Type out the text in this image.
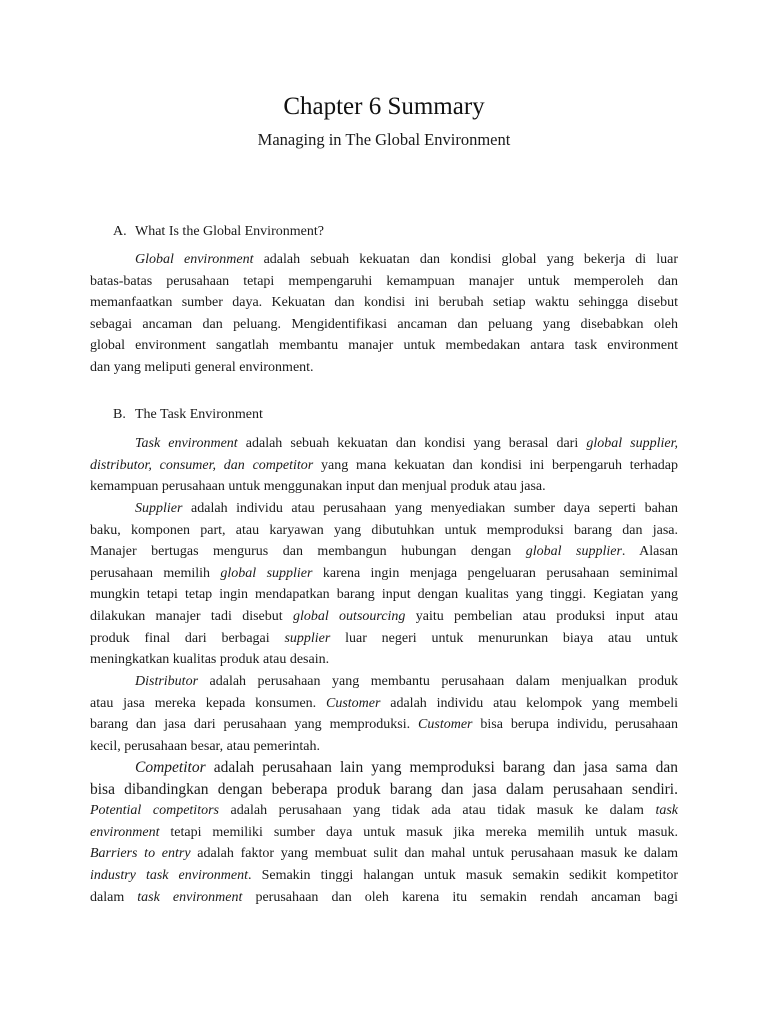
Chapter 6 Summary
Managing in The Global Environment
A. What Is the Global Environment?
Global environment adalah sebuah kekuatan dan kondisi global yang bekerja di luar
batas-batas perusahaan tetapi mempengaruhi kemampuan manajer untuk memperoleh dan
memanfaatkan sumber daya. Kekuatan dan kondisi ini berubah setiap waktu sehingga disebut
sebagai ancaman dan peluang. Mengidentifikasi ancaman dan peluang yang disebabkan oleh
global environment sangatlah membantu manajer untuk membedakan antara task environment
dan yang meliputi general environment.
B. The Task Environment
Task environment adalah sebuah kekuatan dan kondisi yang berasal dari global supplier,
distributor, consumer, dan competitor yang mana kekuatan dan kondisi ini berpengaruh terhadap
kemampuan perusahaan untuk menggunakan input dan menjual produk atau jasa.
Supplier adalah individu atau perusahaan yang menyediakan sumber daya seperti bahan
baku, komponen part, atau karyawan yang dibutuhkan untuk memproduksi barang dan jasa.
Manajer bertugas mengurus dan membangun hubungan dengan global supplier. Alasan
perusahaan memilih global supplier karena ingin menjaga pengeluaran perusahaan seminimal
mungkin tetapi tetap ingin mendapatkan barang input dengan kualitas yang tinggi. Kegiatan yang
dilakukan manajer tadi disebut global outsourcing yaitu pembelian atau produksi input atau
produk final dari berbagai supplier luar negeri untuk menurunkan biaya atau untuk
meningkatkan kualitas produk atau desain.
Distributor adalah perusahaan yang membantu perusahaan dalam menjualkan produk
atau jasa mereka kepada konsumen. Customer adalah individu atau kelompok yang membeli
barang dan jasa dari perusahaan yang memproduksi. Customer bisa berupa individu, perusahaan
kecil, perusahaan besar, atau pemerintah.
Competitor adalah perusahaan lain yang memproduksi barang dan jasa sama dan
bisa dibandingkan dengan beberapa produk barang dan jasa dalam perusahaan sendiri.
Potential competitors adalah perusahaan yang tidak ada atau tidak masuk ke dalam task
environment tetapi memiliki sumber daya untuk masuk jika mereka memilih untuk masuk.
Barriers to entry adalah faktor yang membuat sulit dan mahal untuk perusahaan masuk ke dalam
industry task environment. Semakin tinggi halangan untuk masuk semakin sedikit kompetitor
dalam task environment perusahaan dan oleh karena itu semakin rendah ancaman bagi
